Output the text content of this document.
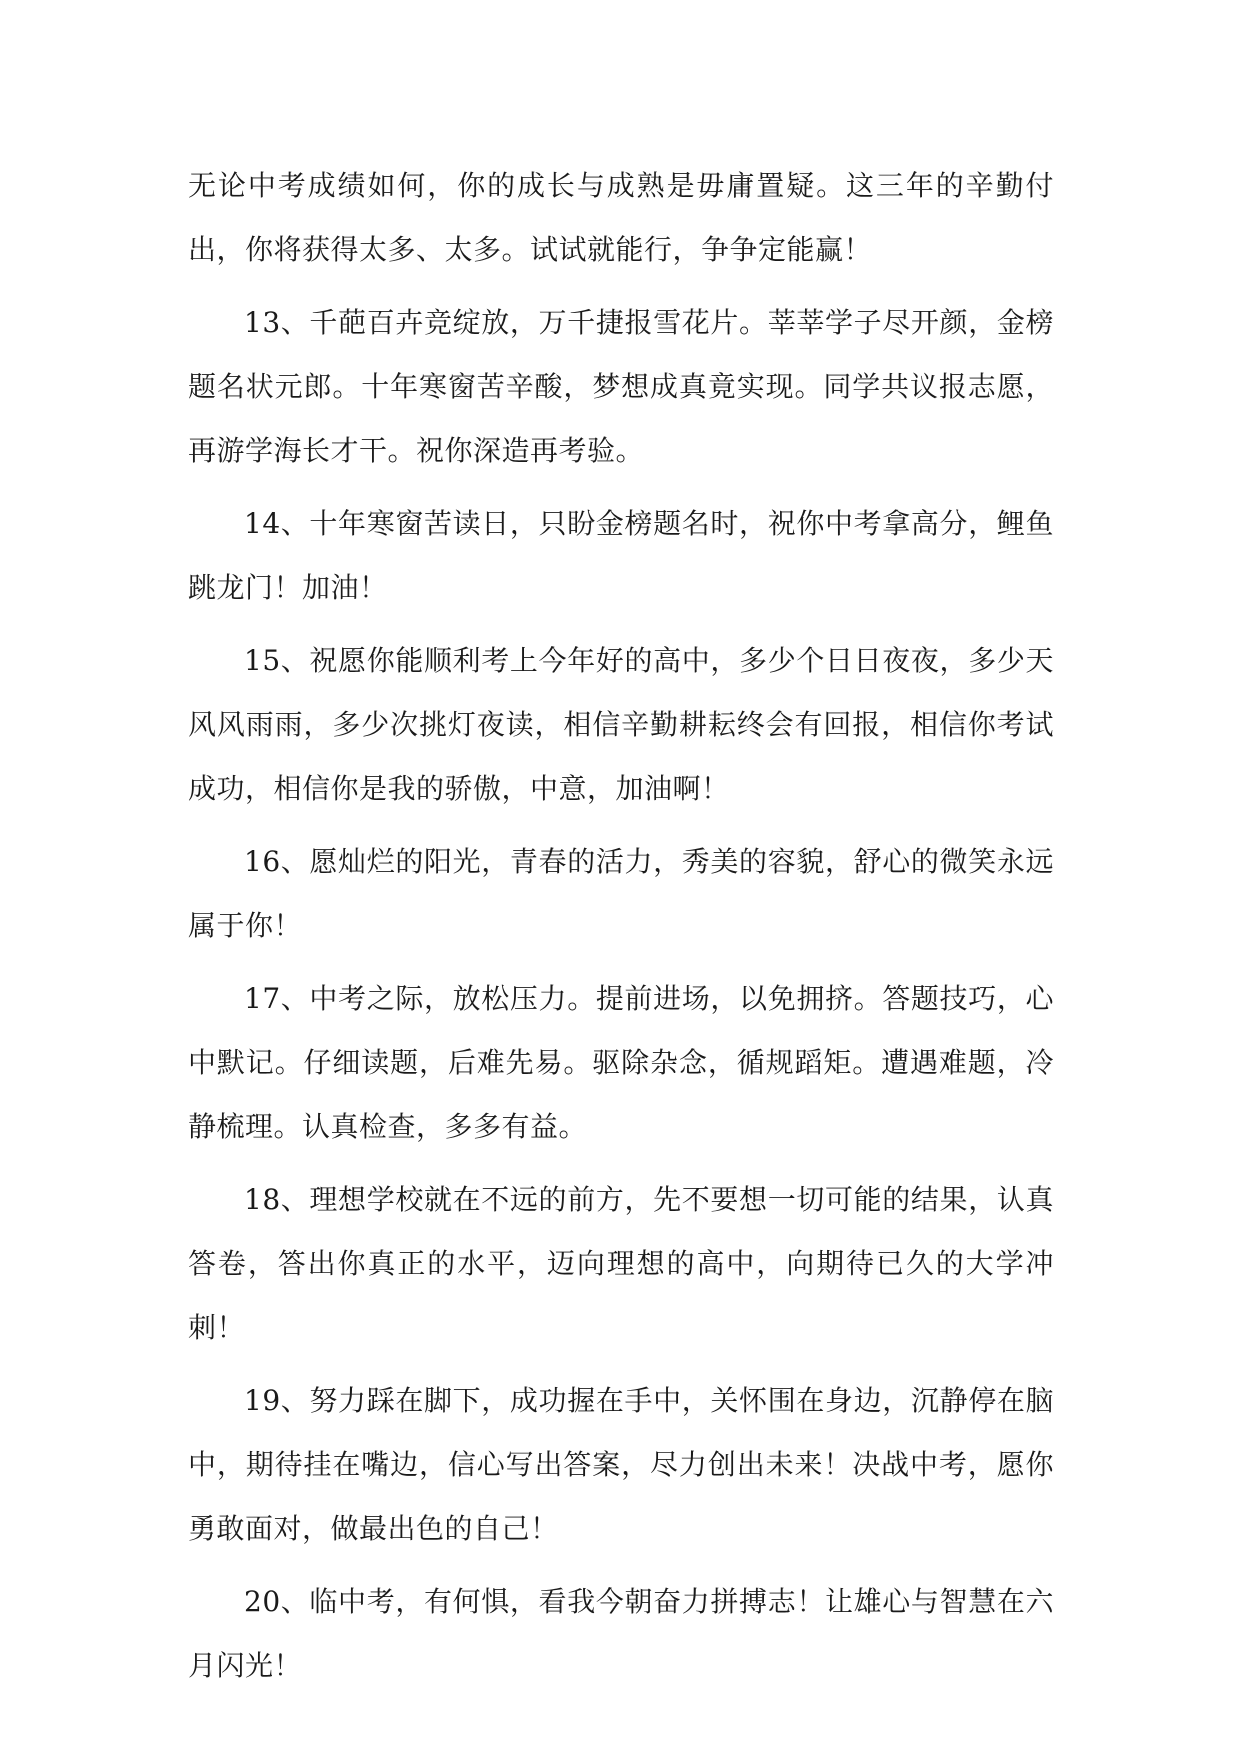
无论中考成绩如何，你的成长与成熟是毋庸置疑。这三年的辛勤付出，你将获得太多、太多。试试就能行，争争定能赢！

13、千葩百卉竞绽放，万千捷报雪花片。莘莘学子尽开颜，金榜题名状元郎。十年寒窗苦辛酸，梦想成真竟实现。同学共议报志愿，再游学海长才干。祝你深造再考验。

14、十年寒窗苦读日，只盼金榜题名时，祝你中考拿高分，鲤鱼跳龙门！加油！

15、祝愿你能顺利考上今年好的高中，多少个日日夜夜，多少天风风雨雨，多少次挑灯夜读，相信辛勤耕耘终会有回报，相信你考试成功，相信你是我的骄傲，中意，加油啊！

16、愿灿烂的阳光，青春的活力，秀美的容貌，舒心的微笑永远属于你！

17、中考之际，放松压力。提前进场，以免拥挤。答题技巧，心中默记。仔细读题，后难先易。驱除杂念，循规蹈矩。遭遇难题，冷静梳理。认真检查，多多有益。

18、理想学校就在不远的前方，先不要想一切可能的结果，认真答卷，答出你真正的水平，迈向理想的高中，向期待已久的大学冲刺！

19、努力踩在脚下，成功握在手中，关怀围在身边，沉静停在脑中，期待挂在嘴边，信心写出答案，尽力创出未来！决战中考，愿你勇敢面对，做最出色的自己！

20、临中考，有何惧，看我今朝奋力拼搏志！让雄心与智慧在六月闪光！
